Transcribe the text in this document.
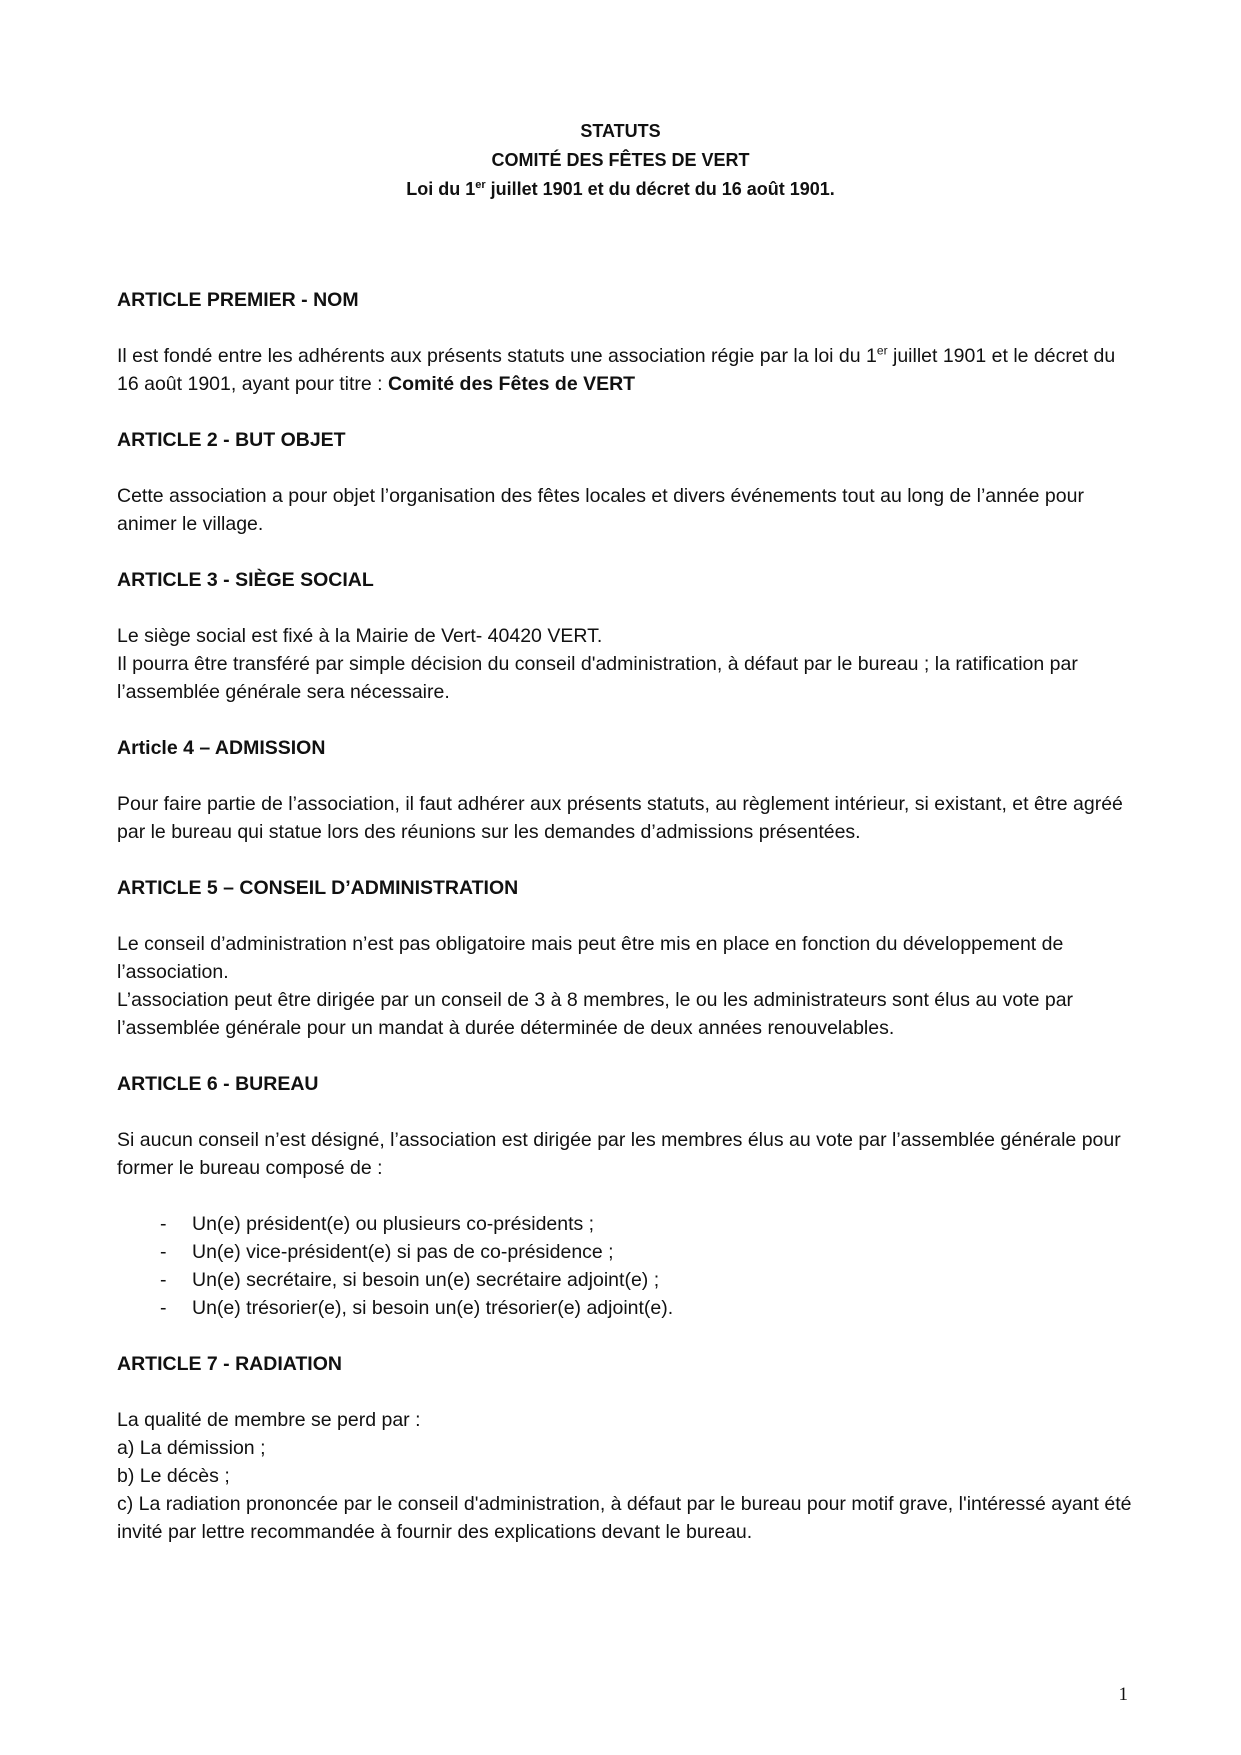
STATUTS
COMITÉ DES FÊTES DE VERT
Loi du 1er juillet 1901 et du décret du 16 août 1901.

ARTICLE PREMIER - NOM

Il est fondé entre les adhérents aux présents statuts une association régie par la loi du 1er juillet 1901 et le décret du 16 août 1901, ayant pour titre : Comité des Fêtes de VERT

ARTICLE 2 - BUT OBJET

Cette association a pour objet l’organisation des fêtes locales et divers événements tout au long de l’année pour animer le village.

ARTICLE 3 - SIÈGE SOCIAL

Le siège social est fixé à la Mairie de Vert- 40420 VERT.

Il pourra être transféré par simple décision du conseil d'administration, à défaut par le bureau ; la ratification par l’assemblée générale sera nécessaire.

Article 4 – ADMISSION

Pour faire partie de l’association, il faut adhérer aux présents statuts, au règlement intérieur, si existant, et être agréé par le bureau qui statue lors des réunions sur les demandes d’admissions présentées.

ARTICLE 5 – CONSEIL D’ADMINISTRATION

Le conseil d’administration n’est pas obligatoire mais peut être mis en place en fonction du développement de l’association.

L’association peut être dirigée par un conseil de 3 à 8 membres, le ou les administrateurs sont élus au vote par l’assemblée générale pour un mandat à durée déterminée de deux années renouvelables.

ARTICLE 6 - BUREAU

Si aucun conseil n’est désigné, l’association est dirigée par les membres élus au vote par l’assemblée générale pour former le bureau composé de :

- Un(e) président(e) ou plusieurs co-présidents ;
- Un(e) vice-président(e) si pas de co-présidence ;
- Un(e) secrétaire, si besoin un(e) secrétaire adjoint(e) ;
- Un(e) trésorier(e), si besoin un(e) trésorier(e) adjoint(e).

ARTICLE 7 - RADIATION

La qualité de membre se perd par :

a) La démission ;

b) Le décès ;

c) La radiation prononcée par le conseil d'administration, à défaut par le bureau pour motif grave, l'intéressé ayant été invité par lettre recommandée à fournir des explications devant le bureau.

1
